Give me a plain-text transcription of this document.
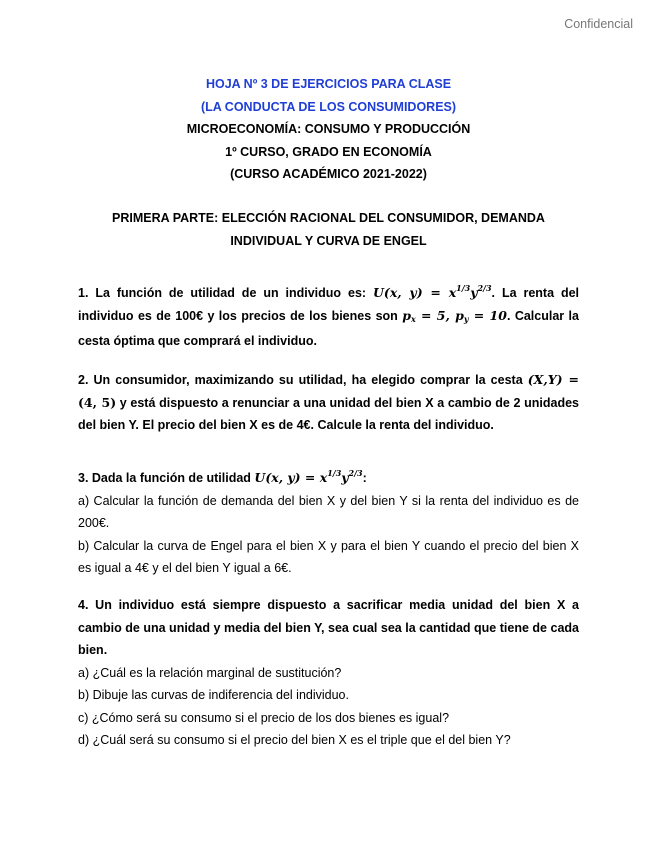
Confidencial
HOJA Nº 3 DE EJERCICIOS PARA CLASE
(LA CONDUCTA DE LOS CONSUMIDORES)
MICROECONOMÍA: CONSUMO Y PRODUCCIÓN
1º CURSO, GRADO EN ECONOMÍA
(CURSO ACADÉMICO 2021-2022)
PRIMERA PARTE: ELECCIÓN RACIONAL DEL CONSUMIDOR, DEMANDA
INDIVIDUAL Y CURVA DE ENGEL
1. La función de utilidad de un individuo es: U(x, $y) = x^{1/3}y^{2/3}$. La renta del individuo es de 100€ y los precios de los bienes son $p_x = 5$, $p_y = 10$. Calcular la cesta óptima que comprará el individuo.
2. Un consumidor, maximizando su utilidad, ha elegido comprar la cesta (X,Y) = (4, 5) y está dispuesto a renunciar a una unidad del bien X a cambio de 2 unidades del bien Y. El precio del bien X es de 4€. Calcule la renta del individuo.

3. Dada la función de utilidad U(x, $y) = x^{1/3}y^{2/3}$:

a) Calcular la función de demanda del bien X y del bien Y si la renta del individuo es de 200€.

b) Calcular la curva de Engel para el bien X y para el bien Y cuando el precio del bien X es igual a 4€ y el del bien Y igual a 6€.

4. Un individuo está siempre dispuesto a sacrificar media unidad del bien X a cambio de una unidad y media del bien Y, sea cual sea la cantidad que tiene de cada bien.

a) ¿Cuál es la relación marginal de sustitución?

b) Dibuje las curvas de indiferencia del individuo.

c) ¿Cómo será su consumo si el precio de los dos bienes es igual?

d) ¿Cuál será su consumo si el precio del bien X es el triple que el del bien Y?
